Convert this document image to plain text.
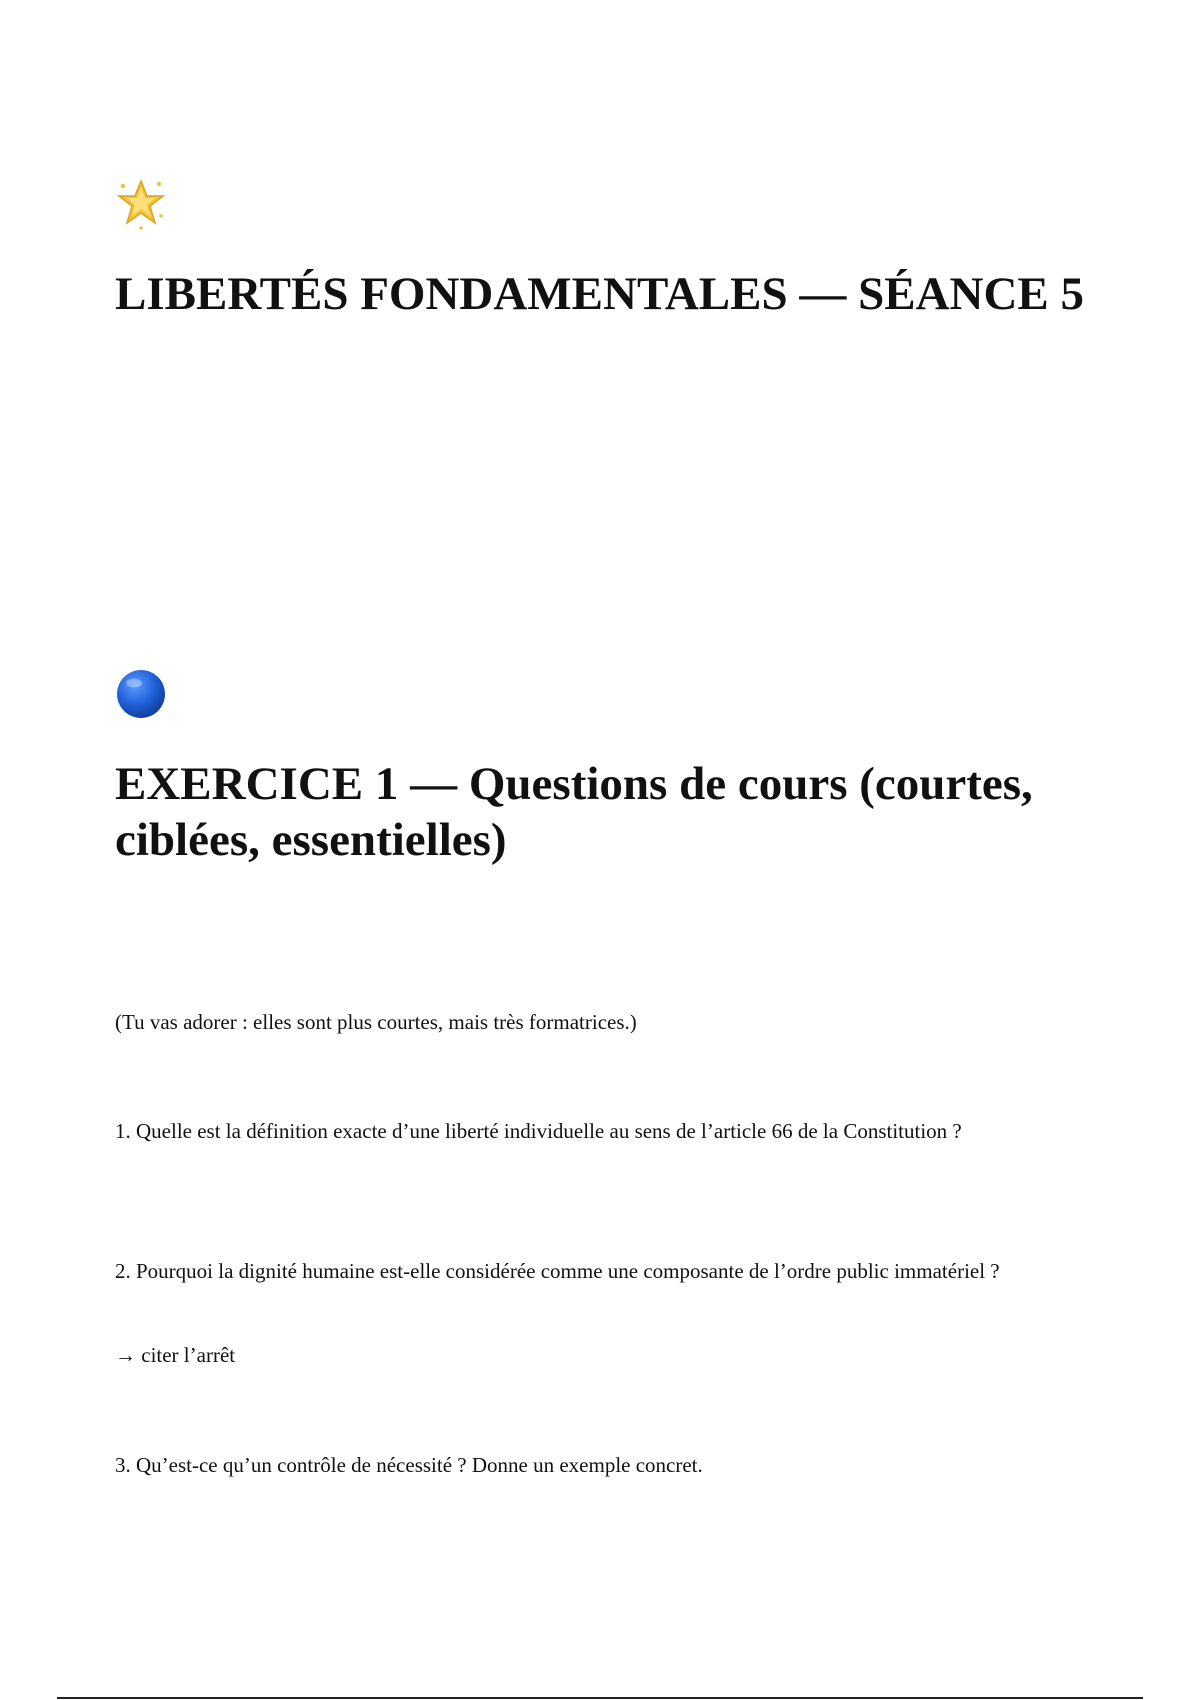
LIBERTÉS FONDAMENTALES — SÉANCE 5
EXERCICE 1 — Questions de cours (courtes, ciblées, essentielles)

(Tu vas adorer : elles sont plus courtes, mais très formatrices.)

1. Quelle est la définition exacte d’une liberté individuelle au sens de l’article 66 de la Constitution ?

2. Pourquoi la dignité humaine est-elle considérée comme une composante de l’ordre public immatériel ?

→ citer l’arrêt

3. Qu’est-ce qu’un contrôle de nécessité ? Donne un exemple concret.
